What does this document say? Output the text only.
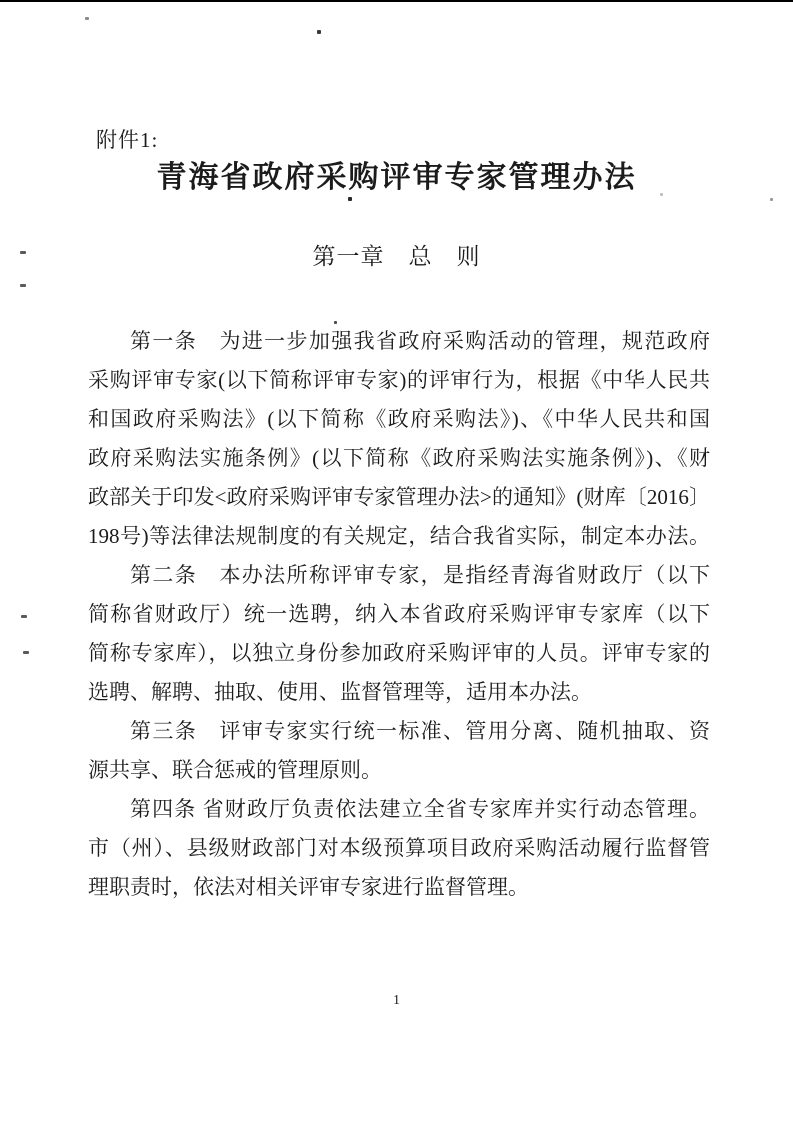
附件1:
青海省政府采购评审专家管理办法
第一章　总　则
第一条　为进一步加强我省政府采购活动的管理，规范政府
采购评审专家(以下简称评审专家)的评审行为，根据《中华人民共
和国政府采购法》(以下简称《政府采购法》)、《中华人民共和国
政府采购法实施条例》(以下简称《政府采购法实施条例》)、《财
政部关于印发<政府采购评审专家管理办法>的通知》(财库〔2016〕
198号)等法律法规制度的有关规定，结合我省实际，制定本办法。
第二条　本办法所称评审专家，是指经青海省财政厅（以下
简称省财政厅）统一选聘，纳入本省政府采购评审专家库（以下
简称专家库），以独立身份参加政府采购评审的人员。评审专家的
选聘、解聘、抽取、使用、监督管理等，适用本办法。
第三条　评审专家实行统一标准、管用分离、随机抽取、资
源共享、联合惩戒的管理原则。
第四条 省财政厅负责依法建立全省专家库并实行动态管理。
市（州）、县级财政部门对本级预算项目政府采购活动履行监督管
理职责时，依法对相关评审专家进行监督管理。
1
